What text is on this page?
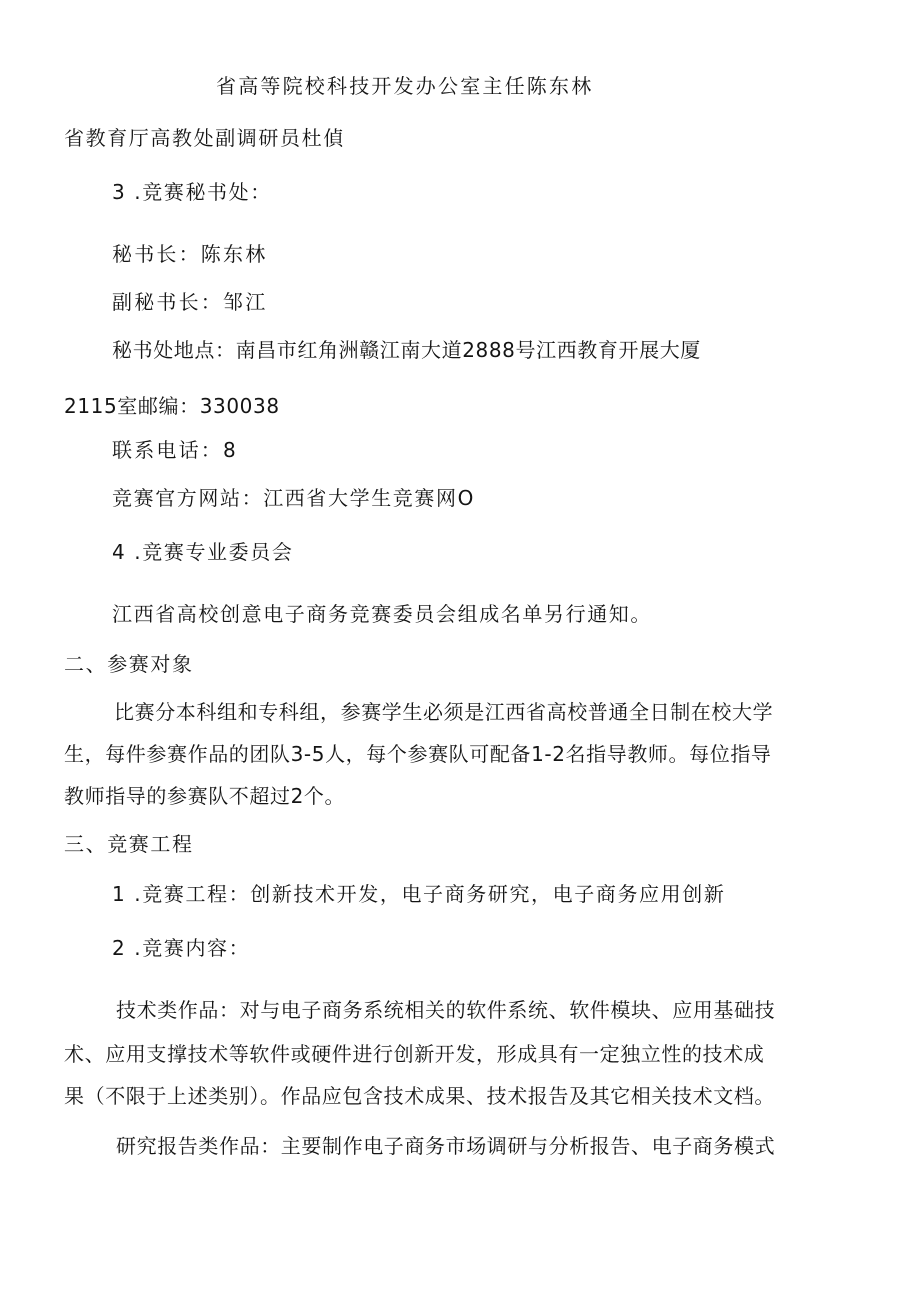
省高等院校科技开发办公室主任陈东林
省教育厅高教处副调研员杜偵
3 .竞赛秘书处：
秘书长：陈东林
副秘书长：邹江
秘书处地点：南昌市红角洲赣江南大道2888号江西教育开展大厦
2115室邮编：330038
联系电话：8
竞赛官方网站：江西省大学生竞赛网O
4 .竞赛专业委员会
江西省高校创意电子商务竞赛委员会组成名单另行通知。
二、参赛对象
比赛分本科组和专科组，参赛学生必须是江西省高校普通全日制在校大学
生，每件参赛作品的团队3-5人，每个参赛队可配备1-2名指导教师。每位指导
教师指导的参赛队不超过2个。
三、竞赛工程
1 .竞赛工程：创新技术开发，电子商务研究，电子商务应用创新
2 .竞赛内容：
技术类作品：对与电子商务系统相关的软件系统、软件模块、应用基础技
术、应用支撑技术等软件或硬件进行创新开发，形成具有一定独立性的技术成
果（不限于上述类别）。作品应包含技术成果、技术报告及其它相关技术文档。
研究报告类作品：主要制作电子商务市场调研与分析报告、电子商务模式
